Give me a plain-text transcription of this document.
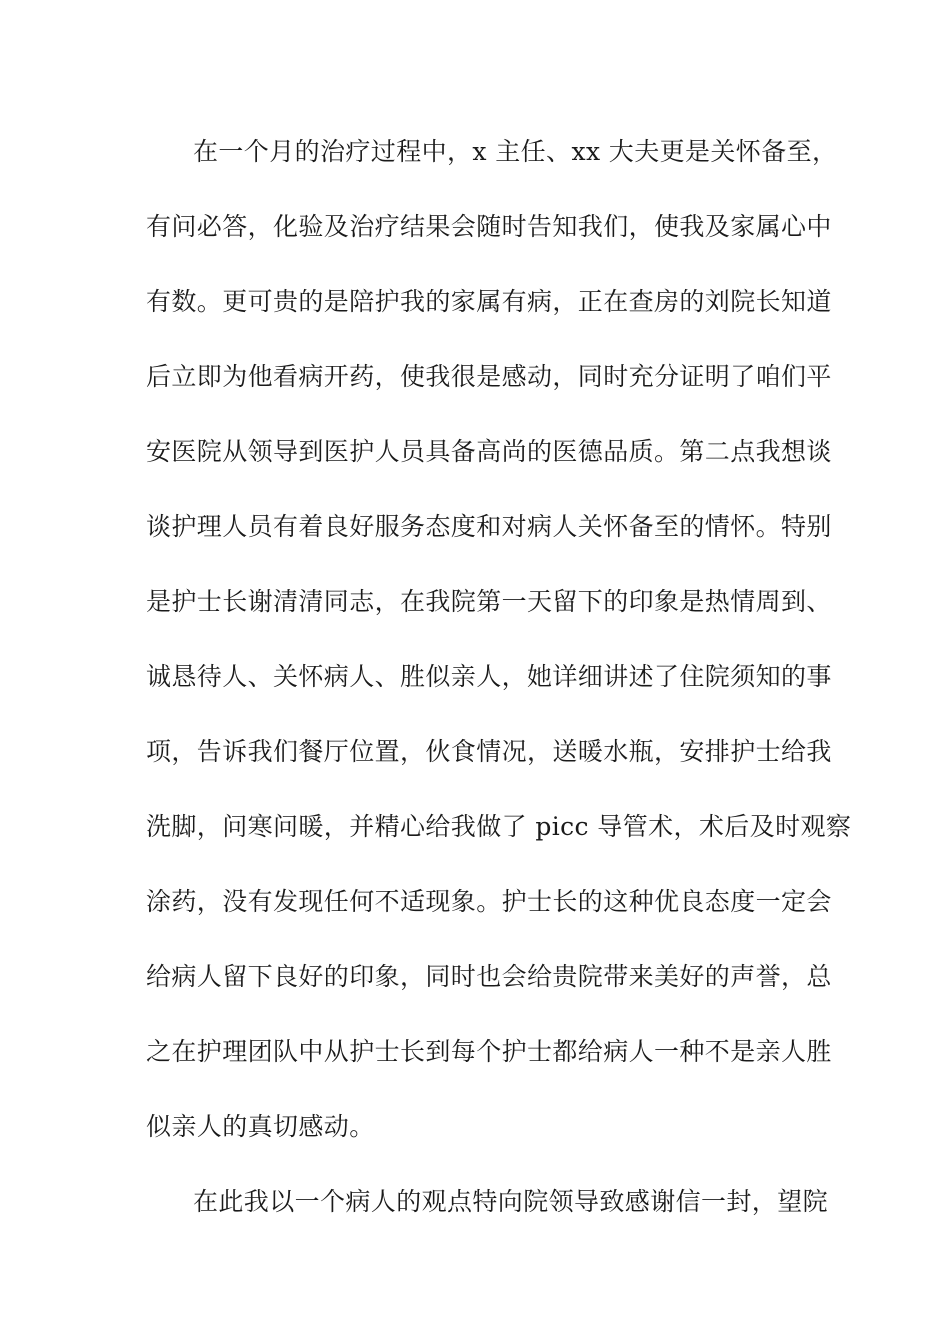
在一个月的治疗过程中，x 主任、xx 大夫更是关怀备至，
有问必答，化验及治疗结果会随时告知我们，使我及家属心中
有数。更可贵的是陪护我的家属有病，正在查房的刘院长知道
后立即为他看病开药，使我很是感动，同时充分证明了咱们平
安医院从领导到医护人员具备高尚的医德品质。第二点我想谈
谈护理人员有着良好服务态度和对病人关怀备至的情怀。特别
是护士长谢清清同志，在我院第一天留下的印象是热情周到、
诚恳待人、关怀病人、胜似亲人，她详细讲述了住院须知的事
项，告诉我们餐厅位置，伙食情况，送暖水瓶，安排护士给我
洗脚，问寒问暖，并精心给我做了 picc 导管术，术后及时观察
涂药，没有发现任何不适现象。护士长的这种优良态度一定会
给病人留下良好的印象，同时也会给贵院带来美好的声誉，总
之在护理团队中从护士长到每个护士都给病人一种不是亲人胜
似亲人的真切感动。
在此我以一个病人的观点特向院领导致感谢信一封，望院
